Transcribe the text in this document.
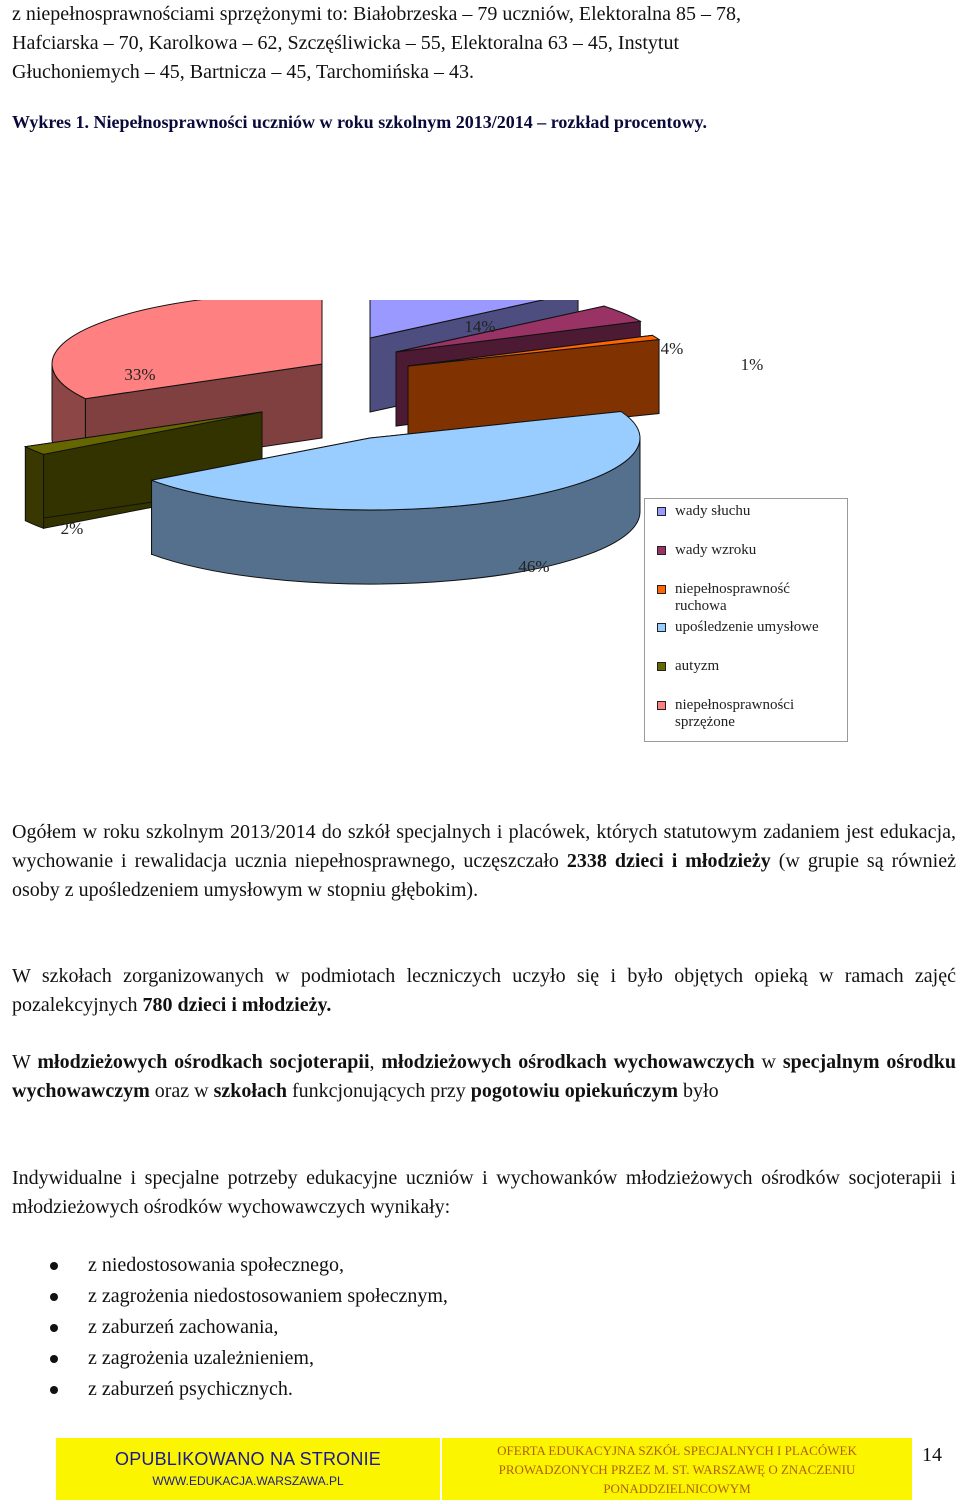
z niepełnosprawnościami sprzężonymi to: Białobrzeska – 79 uczniów, Elektoralna 85 – 78,

Hafciarska – 70, Karolkowa – 62, Szczęśliwicka – 55, Elektoralna 63 – 45, Instytut

Głuchoniemych – 45, Bartnicza – 45, Tarchomińska – 43.

Wykres 1. Niepełnosprawności uczniów w roku szkolnym 2013/2014 – rozkład procentowy.

14%
4%
1%
46%
2%
33%
wady słuchu
wady wzroku
niepełnosprawność
ruchowa
upośledzenie umysłowe
autyzm
niepełnosprawności
sprzężone

Ogółem w roku szkolnym 2013/2014 do szkół specjalnych i placówek, których statutowym zadaniem jest edukacja, wychowanie i rewalidacja ucznia niepełnosprawnego, uczęszczało 2338 dzieci i młodzieży (w grupie są również osoby z upośledzeniem umysłowym w stopniu głębokim).

W szkołach zorganizowanych w podmiotach leczniczych uczyło się i było objętych opieką w ramach zajęć pozalekcyjnych 780 dzieci i młodzieży.

W młodzieżowych ośrodkach socjoterapii, młodzieżowych ośrodkach wychowawczych w specjalnym ośrodku wychowawczym oraz w szkołach funkcjonujących przy pogotowiu opiekuńczym było

Indywidualne i specjalne potrzeby edukacyjne uczniów i wychowanków młodzieżowych ośrodków socjoterapii i młodzieżowych ośrodków wychowawczych wynikały:

z niedostosowania społecznego,
z zagrożenia niedostosowaniem społecznym,
z zaburzeń zachowania,
z zagrożenia uzależnieniem,
z zaburzeń psychicznych.
OPUBLIKOWANO NA STRONIE
WWW.EDUKACJA.WARSZAWA.PL
OFERTA EDUKACYJNA SZKÓŁ SPECJALNYCH I PLACÓWEK
PROWADZONYCH PRZEZ M. ST. WARSZAWĘ O ZNACZENIU
PONADDZIELNICOWYM
14
